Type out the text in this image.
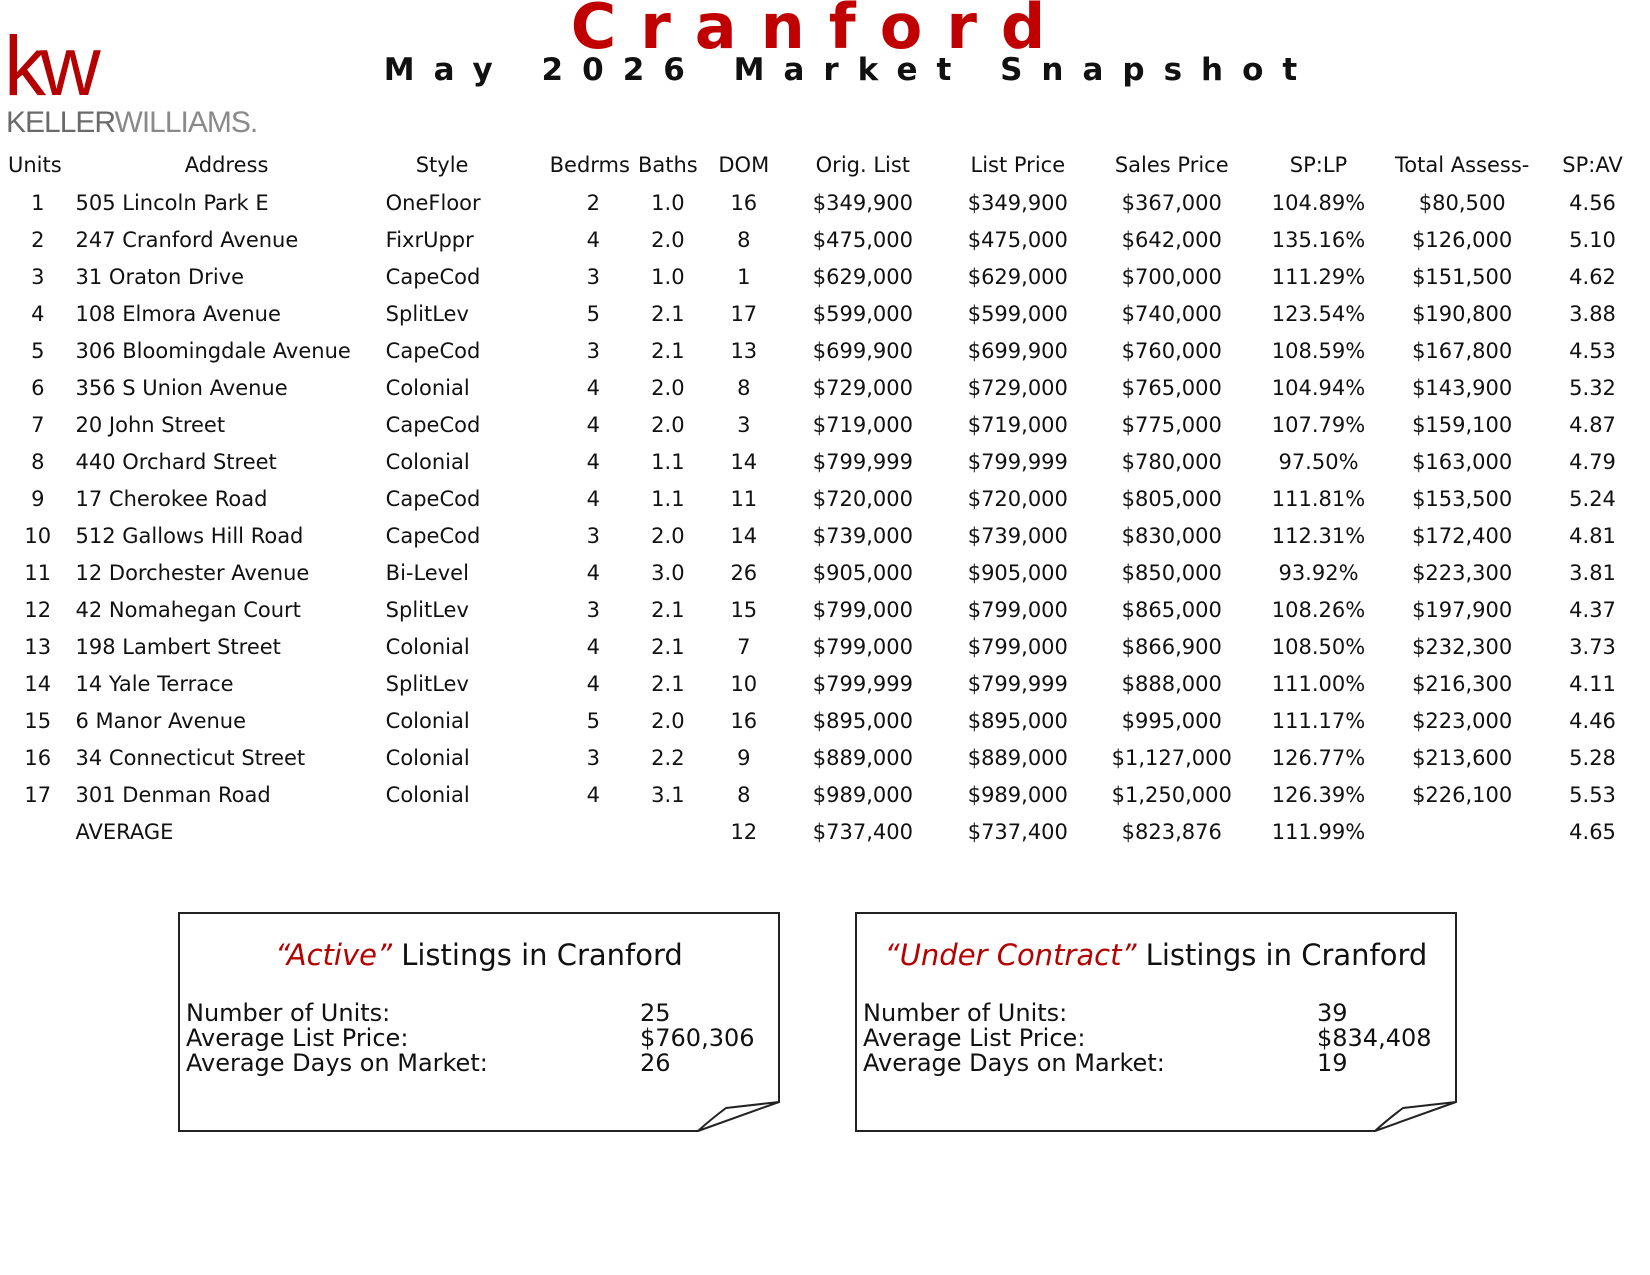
kw
KELLERWILLIAMS.
Cranford
May 2026 Market Snapshot
Units	Address	Style	Bedrms	Baths	DOM	Orig. List	List Price	Sales Price	SP:LP	Total Assess-	SP:AV
1	505 Lincoln Park E	OneFloor	2	1.0	16	$349,900	$349,900	$367,000	104.89%	$80,500	4.56
2	247 Cranford Avenue	FixrUppr	4	2.0	8	$475,000	$475,000	$642,000	135.16%	$126,000	5.10
3	31 Oraton Drive	CapeCod	3	1.0	1	$629,000	$629,000	$700,000	111.29%	$151,500	4.62
4	108 Elmora Avenue	SplitLev	5	2.1	17	$599,000	$599,000	$740,000	123.54%	$190,800	3.88
5	306 Bloomingdale Avenue	CapeCod	3	2.1	13	$699,900	$699,900	$760,000	108.59%	$167,800	4.53
6	356 S Union Avenue	Colonial	4	2.0	8	$729,000	$729,000	$765,000	104.94%	$143,900	5.32
7	20 John Street	CapeCod	4	2.0	3	$719,000	$719,000	$775,000	107.79%	$159,100	4.87
8	440 Orchard Street	Colonial	4	1.1	14	$799,999	$799,999	$780,000	97.50%	$163,000	4.79
9	17 Cherokee Road	CapeCod	4	1.1	11	$720,000	$720,000	$805,000	111.81%	$153,500	5.24
10	512 Gallows Hill Road	CapeCod	3	2.0	14	$739,000	$739,000	$830,000	112.31%	$172,400	4.81
11	12 Dorchester Avenue	Bi-Level	4	3.0	26	$905,000	$905,000	$850,000	93.92%	$223,300	3.81
12	42 Nomahegan Court	SplitLev	3	2.1	15	$799,000	$799,000	$865,000	108.26%	$197,900	4.37
13	198 Lambert Street	Colonial	4	2.1	7	$799,000	$799,000	$866,900	108.50%	$232,300	3.73
14	14 Yale Terrace	SplitLev	4	2.1	10	$799,999	$799,999	$888,000	111.00%	$216,300	4.11
15	6 Manor Avenue	Colonial	5	2.0	16	$895,000	$895,000	$995,000	111.17%	$223,000	4.46
16	34 Connecticut Street	Colonial	3	2.2	9	$889,000	$889,000	$1,127,000	126.77%	$213,600	5.28
17	301 Denman Road	Colonial	4	3.1	8	$989,000	$989,000	$1,250,000	126.39%	$226,100	5.53
	AVERAGE				12	$737,400	$737,400	$823,876	111.99%		4.65
“Active” Listings in Cranford
Number of Units:	25
Average List Price:	$760,306
Average Days on Market:	26
“Under Contract” Listings in Cranford
Number of Units:	39
Average List Price:	$834,408
Average Days on Market:	19
